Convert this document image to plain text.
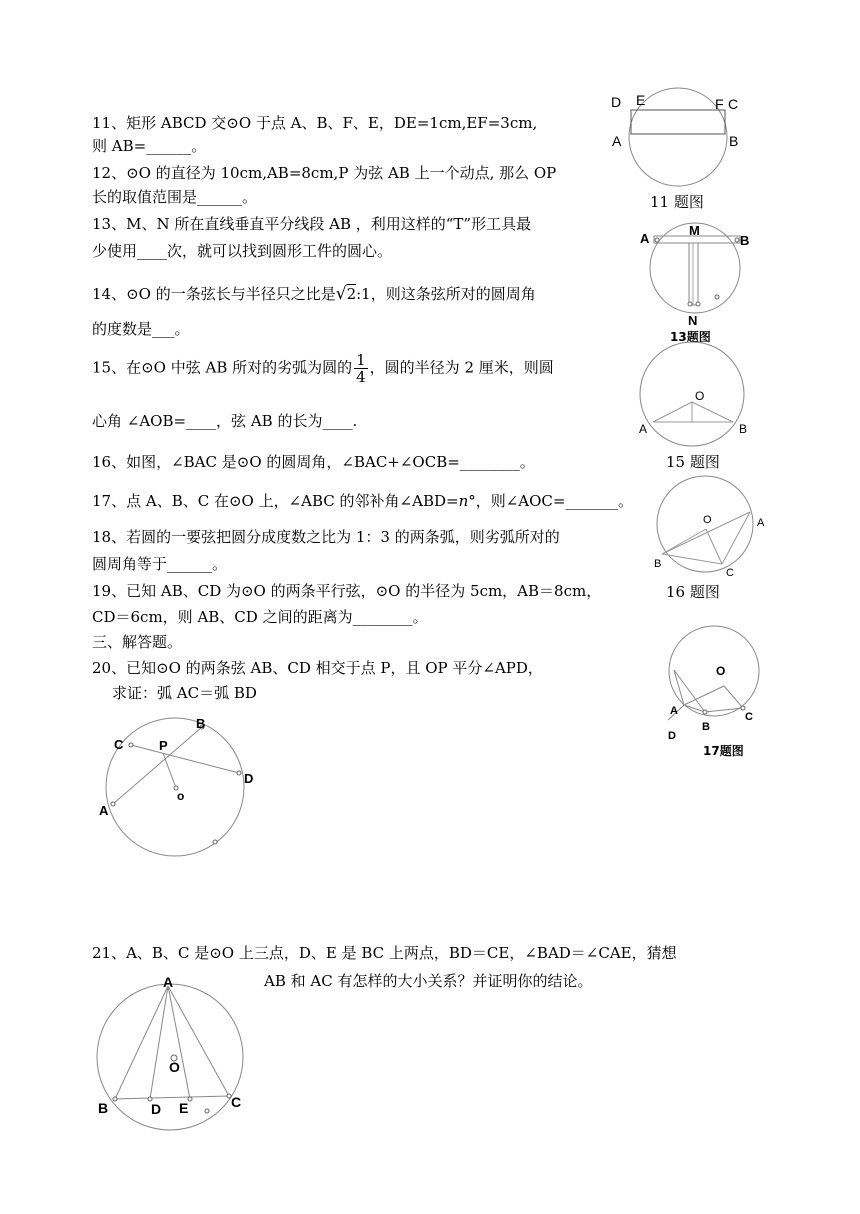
11、矩形 ABCD 交⊙O 于点 A、B、F、E，DE=1cm,EF=3cm,
则 AB=______。
12、⊙O 的直径为 10cm,AB=8cm,P 为弦 AB 上一个动点, 那么 OP
长的取值范围是______。
13、M、N 所在直线垂直平分线段 AB ，利用这样的“T”形工具最
少使用____次，就可以找到圆形工件的圆心。
14、⊙O 的一条弦长与半径只之比是√2:1，则这条弦所对的圆周角
的度数是___。
15、在⊙O 中弦 AB 所对的劣弧为圆的 $\frac{1}{4}$ ，圆的半径为 2 厘米，则圆
心角 ∠AOB=____，弦 AB 的长为____.
16、如图，∠BAC 是⊙O 的圆周角，∠BAC+∠OCB=________。
17、点 A、B、C 在⊙O 上，∠ABC 的邻补角∠ABD=n°，则∠AOC=_______。
18、若圆的一要弦把圆分成度数之比为 1：3 的两条弧，则劣弧所对的
圆周角等于______。
19、已知 AB、CD 为⊙O 的两条平行弦，⊙O 的半径为 5cm，AB＝8cm，
CD＝6cm，则 AB、CD 之间的距离为________。
三、解答题。
20、已知⊙O 的两条弦 AB、CD 相交于点 P，且 OP 平分∠APD，
求证：弧 AC＝弧 BD
21、A、B、C 是⊙O 上三点，D、E 是 BC 上两点，BD＝CE，∠BAD＝∠CAE，猜想
AB 和 AC 有怎样的大小关系？并证明你的结论。
D E	F C
A	B
11 题图
A
M
B
N
13题图
O
A	B
15 题图
O	A
B
C
16 题图
O
A
B
C
D
17题图
B
C	P
D
o
A
A
O
B	D E	C
